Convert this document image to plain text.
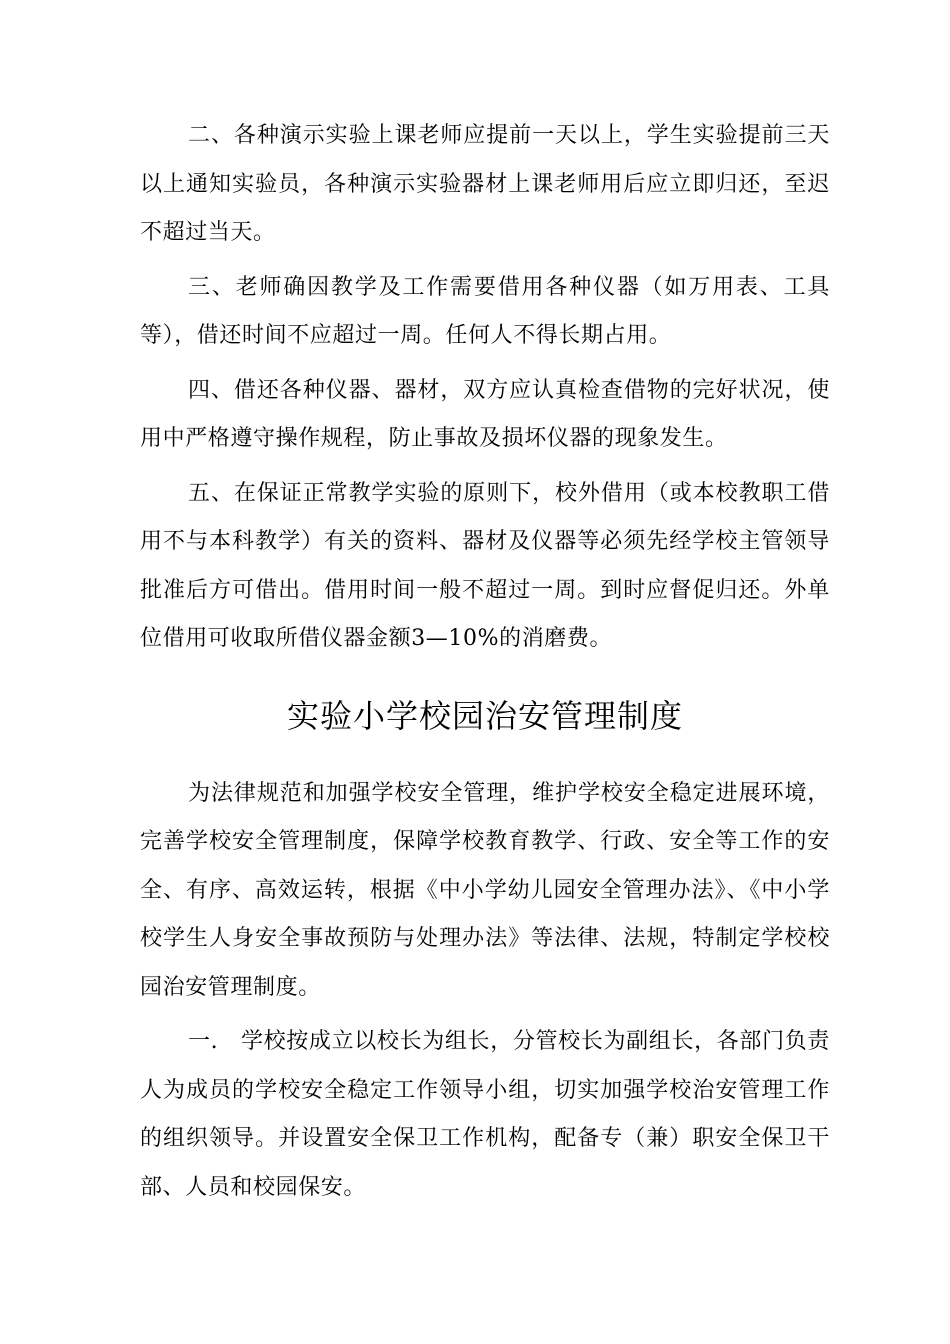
二、各种演示实验上课老师应提前一天以上，学生实验提前三天以上通知实验员，各种演示实验器材上课老师用后应立即归还，至迟不超过当天。

三、老师确因教学及工作需要借用各种仪器（如万用表、工具等），借还时间不应超过一周。任何人不得长期占用。

四、借还各种仪器、器材，双方应认真检查借物的完好状况，使用中严格遵守操作规程，防止事故及损坏仪器的现象发生。

五、在保证正常教学实验的原则下，校外借用（或本校教职工借用不与本科教学）有关的资料、器材及仪器等必须先经学校主管领导批准后方可借出。借用时间一般不超过一周。到时应督促归还。外单位借用可收取所借仪器金额3—10%的消磨费。

实验小学校园治安管理制度

为法律规范和加强学校安全管理，维护学校安全稳定进展环境，完善学校安全管理制度，保障学校教育教学、行政、安全等工作的安全、有序、高效运转，根据《中小学幼儿园安全管理办法》、《中小学校学生人身安全事故预防与处理办法》等法律、法规，特制定学校校园治安管理制度。

一.　学校按成立以校长为组长，分管校长为副组长，各部门负责人为成员的学校安全稳定工作领导小组，切实加强学校治安管理工作的组织领导。并设置安全保卫工作机构，配备专（兼）职安全保卫干部、人员和校园保安。
